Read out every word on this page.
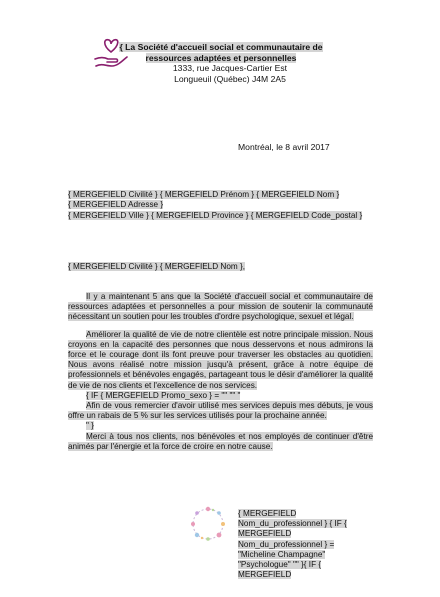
{ La Société d'accueil social et communautaire de ressources adaptées et personnelles
1333, rue Jacques-Cartier Est
Longueuil (Québec) J4M 2A5
Montréal, le 8 avril 2017
{ MERGEFIELD Civilité } { MERGEFIELD Prénom } { MERGEFIELD Nom }
{ MERGEFIELD Adresse }
{ MERGEFIELD Ville } { MERGEFIELD Province } { MERGEFIELD Code_postal }
{ MERGEFIELD Civilité } { MERGEFIELD Nom },

Il y a maintenant 5 ans que la Société d'accueil social et communautaire de ressources adaptées et personnelles a pour mission de soutenir la communauté nécessitant un soutien pour les troubles d'ordre psychologique, sexuel et légal.

Améliorer la qualité de vie de notre clientèle est notre principale mission. Nous croyons en la capacité des personnes que nous desservons et nous admirons la force et le courage dont ils font preuve pour traverser les obstacles au quotidien. Nous avons réalisé notre mission jusqu'à présent, grâce à notre équipe de professionnels et bénévoles engagés, partageant tous le désir d'améliorer la qualité de vie de nos clients et l'excellence de nos services.

{ IF { MERGEFIELD Promo_sexo } = "" "" "

Afin de vous remercier d'avoir utilisé mes services depuis mes débuts, je vous offre un rabais de 5 % sur les services utilisés pour la prochaine année.

" }

Merci à tous nos clients, nos bénévoles et nos employés de continuer d'être animés par l'énergie et la force de croire en notre cause.

{ MERGEFIELD Nom_du_professionnel } { IF { MERGEFIELD Nom_du_professionnel } = "Micheline Champagne" "Psychologue" "" }{ IF { MERGEFIELD
